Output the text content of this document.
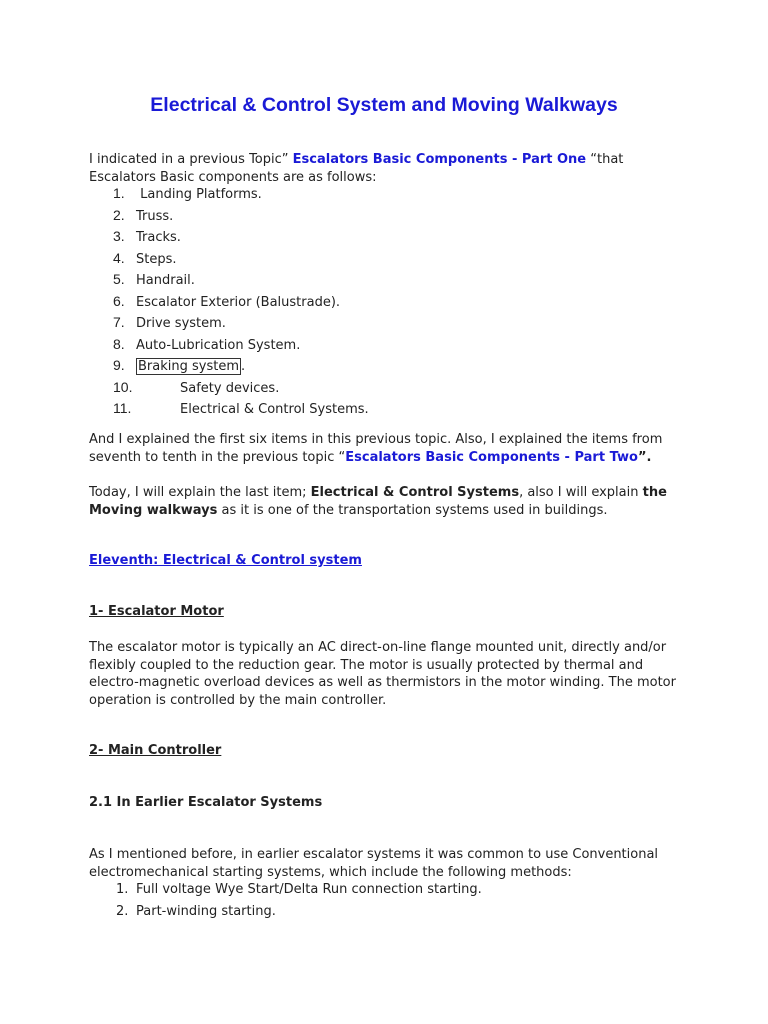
Electrical & Control System and Moving Walkways
I indicated in a previous Topic” Escalators Basic Components - Part One “that Escalators Basic components are as follows:
1. Landing Platforms.
2. Truss.
3. Tracks.
4. Steps.
5. Handrail.
6. Escalator Exterior (Balustrade).
7. Drive system.
8. Auto-Lubrication System.
9. Braking system .
10.	Safety devices.
11.	Electrical & Control Systems.
And I explained the first six items in this previous topic. Also, I explained the items from seventh to tenth in the previous topic “Escalators Basic Components - Part Two”.
Today, I will explain the last item; Electrical & Control Systems, also I will explain the Moving walkways as it is one of the transportation systems used in buildings.
Eleventh: Electrical & Control system
1- Escalator Motor
The escalator motor is typically an AC direct-on-line flange mounted unit, directly and/or flexibly coupled to the reduction gear. The motor is usually protected by thermal and electro-magnetic overload devices as well as thermistors in the motor winding. The motor operation is controlled by the main controller.
2- Main Controller
2.1 In Earlier Escalator Systems
As I mentioned before, in earlier escalator systems it was common to use Conventional electromechanical starting systems, which include the following methods:
1. Full voltage Wye Start/Delta Run connection starting.
2. Part-winding starting.
